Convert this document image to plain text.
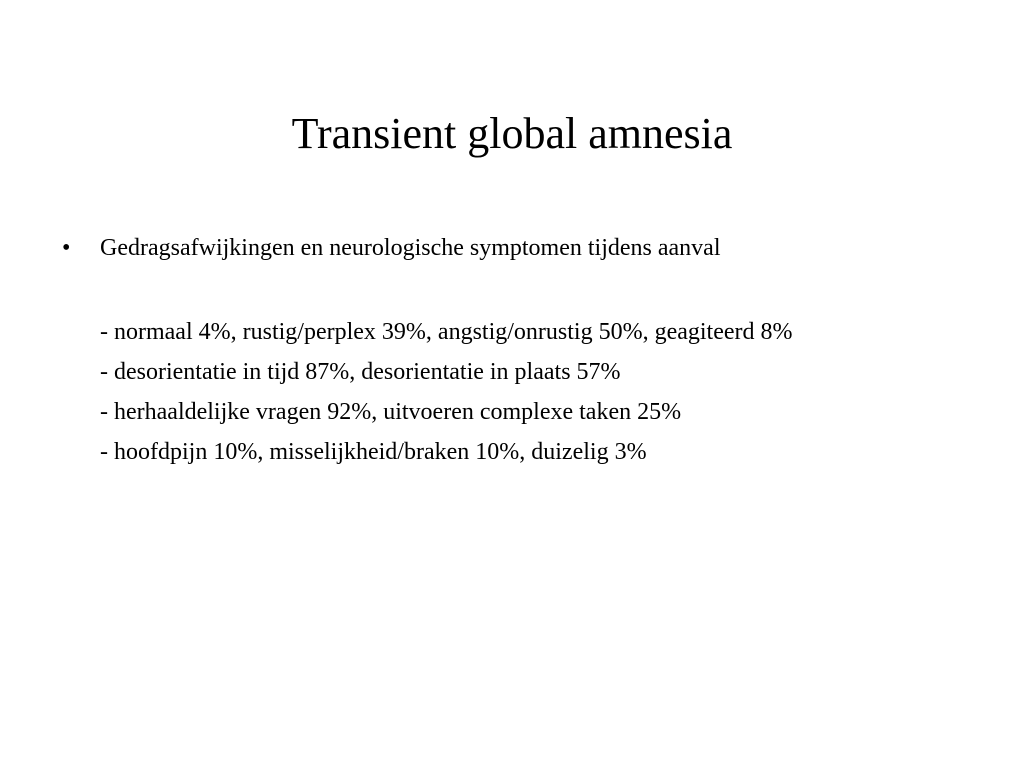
Transient global amnesia
• Gedragsafwijkingen en neurologische symptomen tijdens aanval
- normaal 4%, rustig/perplex 39%, angstig/onrustig 50%, geagiteerd 8%
- desorientatie in tijd 87%, desorientatie in plaats 57%
- herhaaldelijke vragen 92%, uitvoeren complexe taken 25%
- hoofdpijn 10%, misselijkheid/braken 10%, duizelig 3%
